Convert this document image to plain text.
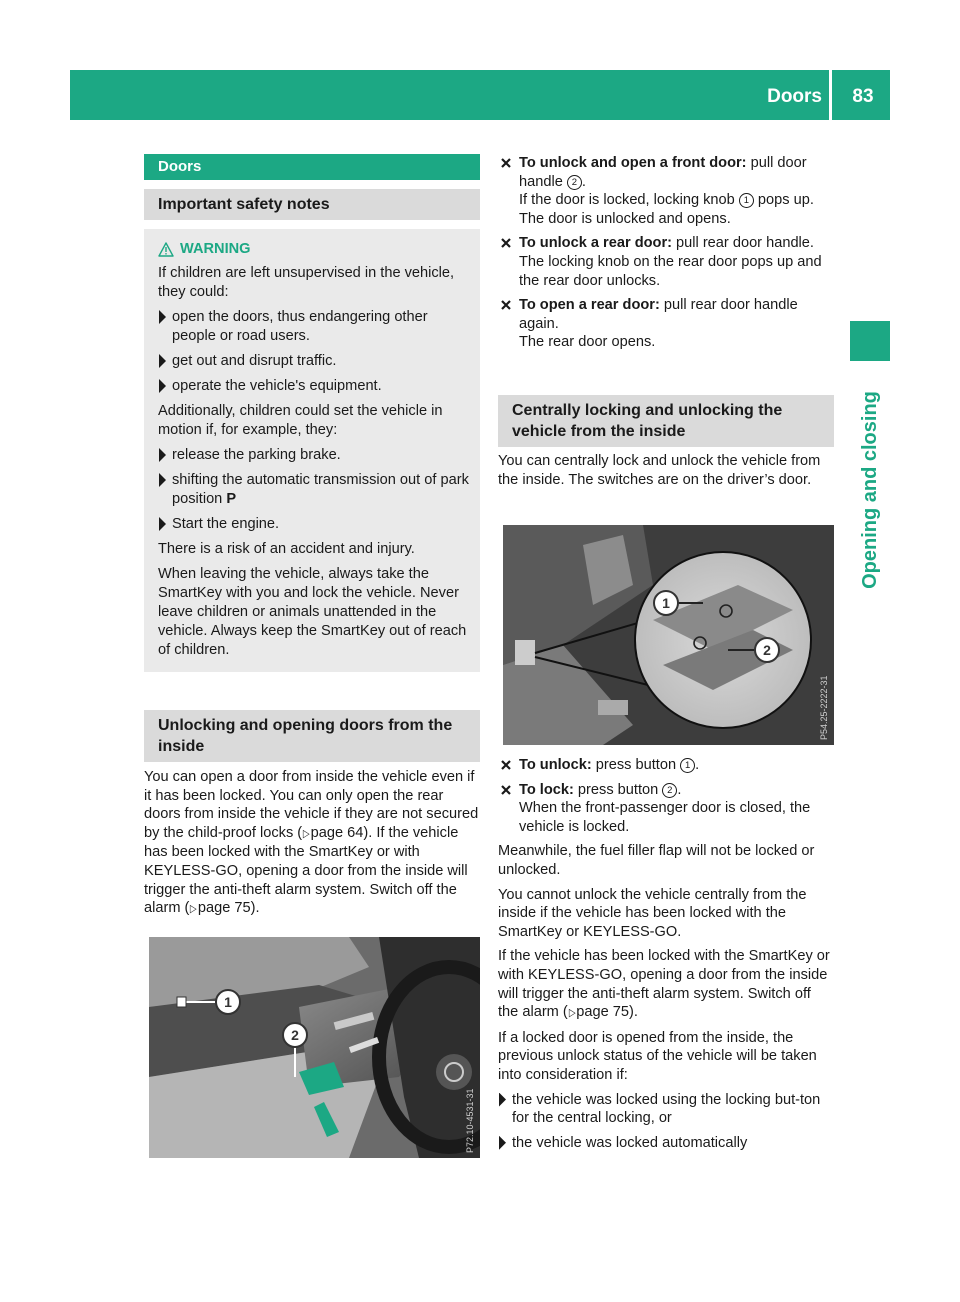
Doors	83
Opening and closing
Doors
Important safety notes
WARNING

If children are left unsupervised in the vehicle, they could:

open the doors, thus endangering other people or road users.
get out and disrupt traffic.
operate the vehicle's equipment.

Additionally, children could set the vehicle in motion if, for example, they:

release the parking brake.
shifting the automatic transmission out of park position P
Start the engine.

There is a risk of an accident and injury.

When leaving the vehicle, always take the SmartKey with you and lock the vehicle. Never leave children or animals unattended in the vehicle. Always keep the SmartKey out of reach of children.

Unlocking and opening doors from the inside

You can open a door from inside the vehicle even if it has been locked. You can only open the rear doors from inside the vehicle if they are not secured by the child-proof locks (▷page 64). If the vehicle has been locked with the SmartKey or with KEYLESS-GO, opening a door from the inside will trigger the anti-theft alarm system. Switch off the alarm (▷page 75).

1
2
P72.10-4531-31
To unlock and open a front door: pull door handle 2 .
If the door is locked, locking knob 1 pops up. The door is unlocked and opens.
To unlock a rear door: pull rear door handle. The locking knob on the rear door pops up and the rear door unlocks.
To open a rear door: pull rear door handle again.
The rear door opens.
Centrally locking and unlocking the vehicle from the inside

You can centrally lock and unlock the vehicle from the inside. The switches are on the driver’s door.

1
2
P54.25-2222-31
To unlock: press button 1 .
To lock: press button 2 .
When the front-passenger door is closed, the vehicle is locked.

Meanwhile, the fuel filler flap will not be locked or unlocked.

You cannot unlock the vehicle centrally from the inside if the vehicle has been locked with the SmartKey or KEYLESS-GO.

If the vehicle has been locked with the SmartKey or with KEYLESS-GO, opening a door from the inside will trigger the anti-theft alarm system. Switch off the alarm (▷page 75).

If a locked door is opened from the inside, the previous unlock status of the vehicle will be taken into consideration if:

the vehicle was locked using the locking but-ton for the central locking, or
the vehicle was locked automatically
